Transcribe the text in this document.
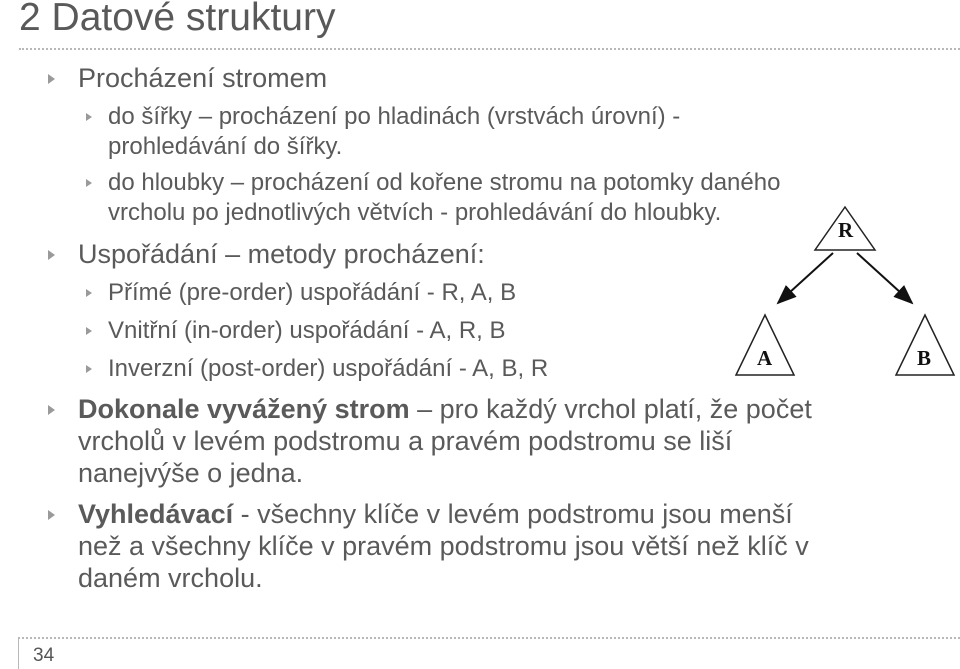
2 Datové struktury
Procházení stromem
do šířky – procházení po hladinách (vrstvách úrovní) -
prohledávání do šířky.
do hloubky – procházení od kořene stromu na potomky daného
vrcholu po jednotlivých větvích - prohledávání do hloubky.
Uspořádání – metody procházení:
Přímé (pre-order) uspořádání - R, A, B
Vnitřní (in-order) uspořádání - A, R, B
Inverzní (post-order) uspořádání - A, B, R
Dokonale vyvážený strom – pro každý vrchol platí, že počet
vrcholů v levém podstromu a pravém podstromu se liší
nanejvýše o jedna.
Vyhledávací - všechny klíče v levém podstromu jsou menší
než a všechny klíče v pravém podstromu jsou větší než klíč v
daném vrcholu.
R
A	B
34
